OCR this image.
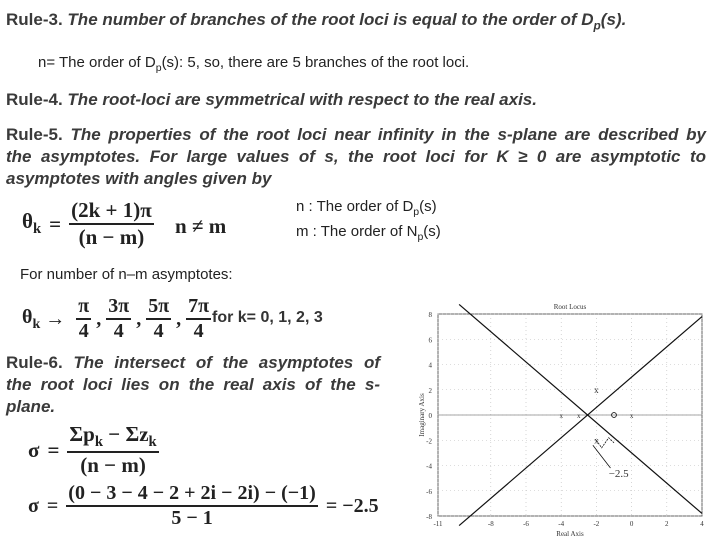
Rule-3. The number of branches of the root loci is equal to the order of $D_p(s)$.
n= The order of $D_p(s)$: 5, so, there are 5 branches of the root loci.
Rule-4. The root-loci are symmetrical with respect to the real axis.
Rule-5. The properties of the root loci near infinity in the s-plane are described by
the asymptotes. For large values of s, the root loci for K ≥ 0 are asymptotic to
asymptotes with angles given by
$\theta_k = \frac{(2k + 1)\pi}{(n - m)}$ n ≠ m
n : The order of $D_p(s)$
m : The order of $N_p(s)$
For number of n–m asymptotes:
$\theta_k \to \frac{\pi}{4}$ , $\frac{3\pi}{4}$ , $\frac{5\pi}{4}$ , $\frac{7\pi}{4}$ for k= 0, 1, 2, 3
Rule-6. The intersect of the asymptotes of
the root loci lies on the real axis of the s-
plane.
$\sigma = \frac{\Sigma p_k - \Sigma z_k}{(n - m)}$
$\sigma = \frac{(0 - 3 - 4 - 2 + 2i - 2i) - (-1)}{5 - 1} = -2.5$
8
6
4
2
0
-2
-4
-6
-8
-11	-8	-6	-4	-2	0	2	4
x
x
x
x
x
Root Locus
Real Axis
Imaginary Axis
−2.5
